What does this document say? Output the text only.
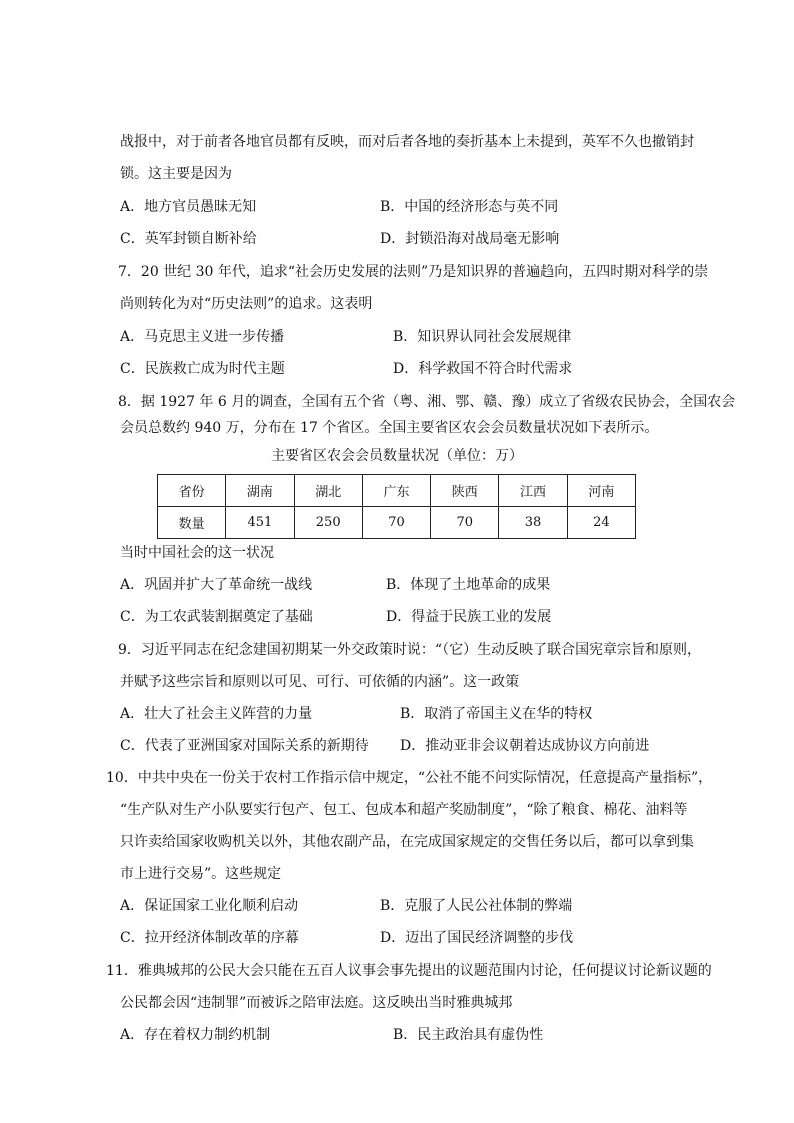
战报中，对于前者各地官员都有反映，而对后者各地的奏折基本上未提到，英军不久也撤销封
锁。这主要是因为
A．地方官员愚昧无知	B．中国的经济形态与英不同
C．英军封锁自断补给	D．封锁沿海对战局毫无影响
7．20 世纪 30 年代，追求“社会历史发展的法则”乃是知识界的普遍趋向，五四时期对科学的崇
尚则转化为对“历史法则”的追求。这表明
A．马克思主义进一步传播	B．知识界认同社会发展规律
C．民族救亡成为时代主题	D．科学救国不符合时代需求
8．据 1927 年 6 月的调查，全国有五个省（粤、湘、鄂、赣、豫）成立了省级农民协会，全国农会
会员总数约 940 万，分布在 17 个省区。全国主要省区农会会员数量状况如下表所示。
主要省区农会会员数量状况（单位：万）
省份	湖南	湖北	广东	陕西	江西	河南
数量	451	250	70	70	38	24
当时中国社会的这一状况
A．巩固并扩大了革命统一战线	B．体现了土地革命的成果
C．为工农武装割据奠定了基础	D．得益于民族工业的发展
9．习近平同志在纪念建国初期某一外交政策时说：“（它）生动反映了联合国宪章宗旨和原则，
并赋予这些宗旨和原则以可见、可行、可依循的内涵”。这一政策
A．壮大了社会主义阵营的力量	B．取消了帝国主义在华的特权
C．代表了亚洲国家对国际关系的新期待 D．推动亚非会议朝着达成协议方向前进
10．中共中央在一份关于农村工作指示信中规定，“公社不能不问实际情况，任意提高产量指标”，
“生产队对生产小队要实行包产、包工、包成本和超产奖励制度”，“除了粮食、棉花、油料等
只许卖给国家收购机关以外，其他农副产品，在完成国家规定的交售任务以后，都可以拿到集
市上进行交易”。这些规定
A．保证国家工业化顺利启动	B．克服了人民公社体制的弊端
C．拉开经济体制改革的序幕	D．迈出了国民经济调整的步伐
11．雅典城邦的公民大会只能在五百人议事会事先提出的议题范围内讨论，任何提议讨论新议题的
公民都会因“违制罪”而被诉之陪审法庭。这反映出当时雅典城邦
A．存在着权力制约机制	B．民主政治具有虚伪性
